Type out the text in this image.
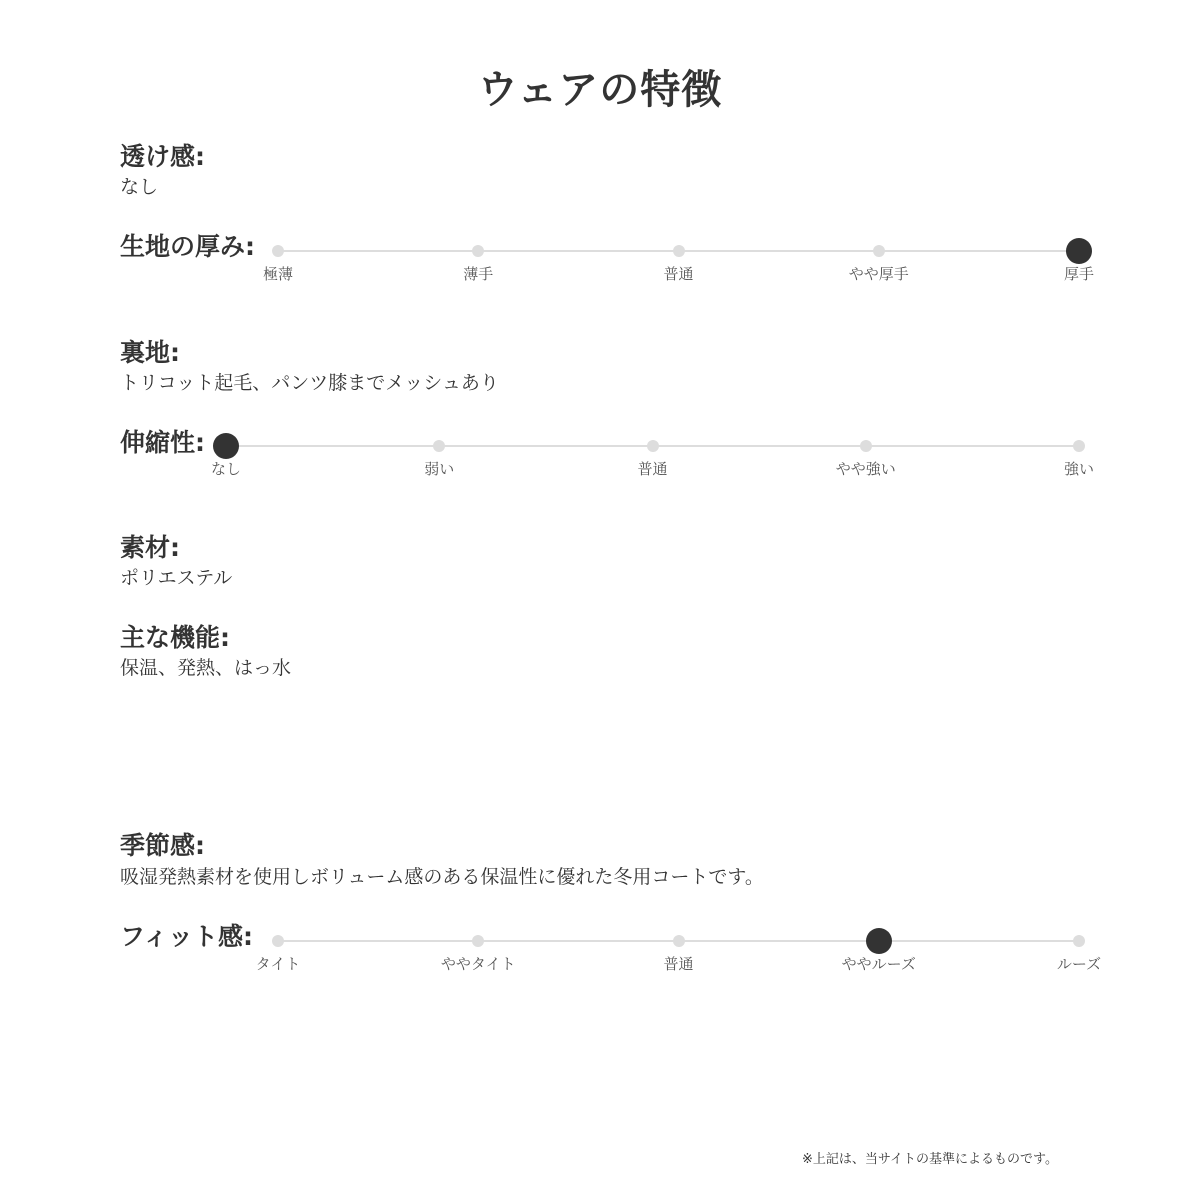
ウェアの特徴
透け感:
なし
生地の厚み:
極薄	薄手	普通	やや厚手	厚手
裏地:
トリコット起毛、パンツ膝までメッシュあり
伸縮性:
なし	弱い	普通	やや強い	強い
素材:
ポリエステル
主な機能:
保温、発熱、はっ水
季節感:
吸湿発熱素材を使用しボリューム感のある保温性に優れた冬用コートです。
フィット感:
タイト	ややタイト	普通	ややルーズ	ルーズ
※上記は、当サイトの基準によるものです。
